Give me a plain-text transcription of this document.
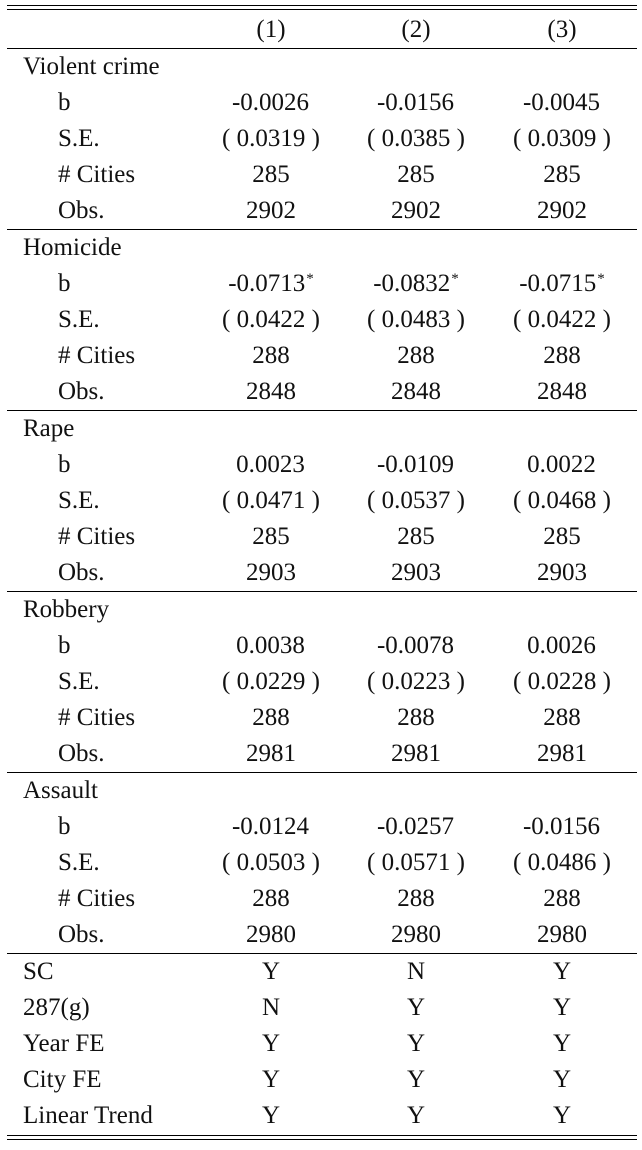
(1)	(2)	(3)
Violent crime
b	-0.0026	-0.0156	-0.0045
S.E.	( 0.0319 )	( 0.0385 )	( 0.0309 )
# Cities	285	285	285
Obs.	2902	2902	2902
Homicide
b	-0.0713*	-0.0832*	-0.0715*
S.E.	( 0.0422 )	( 0.0483 )	( 0.0422 )
# Cities	288	288	288
Obs.	2848	2848	2848
Rape
b	0.0023	-0.0109	0.0022
S.E.	( 0.0471 )	( 0.0537 )	( 0.0468 )
# Cities	285	285	285
Obs.	2903	2903	2903
Robbery
b	0.0038	-0.0078	0.0026
S.E.	( 0.0229 )	( 0.0223 )	( 0.0228 )
# Cities	288	288	288
Obs.	2981	2981	2981
Assault
b	-0.0124	-0.0257	-0.0156
S.E.	( 0.0503 )	( 0.0571 )	( 0.0486 )
# Cities	288	288	288
Obs.	2980	2980	2980
SC	Y	N	Y
287(g)	N	Y	Y
Year FE	Y	Y	Y
City FE	Y	Y	Y
Linear Trend	Y	Y	Y
